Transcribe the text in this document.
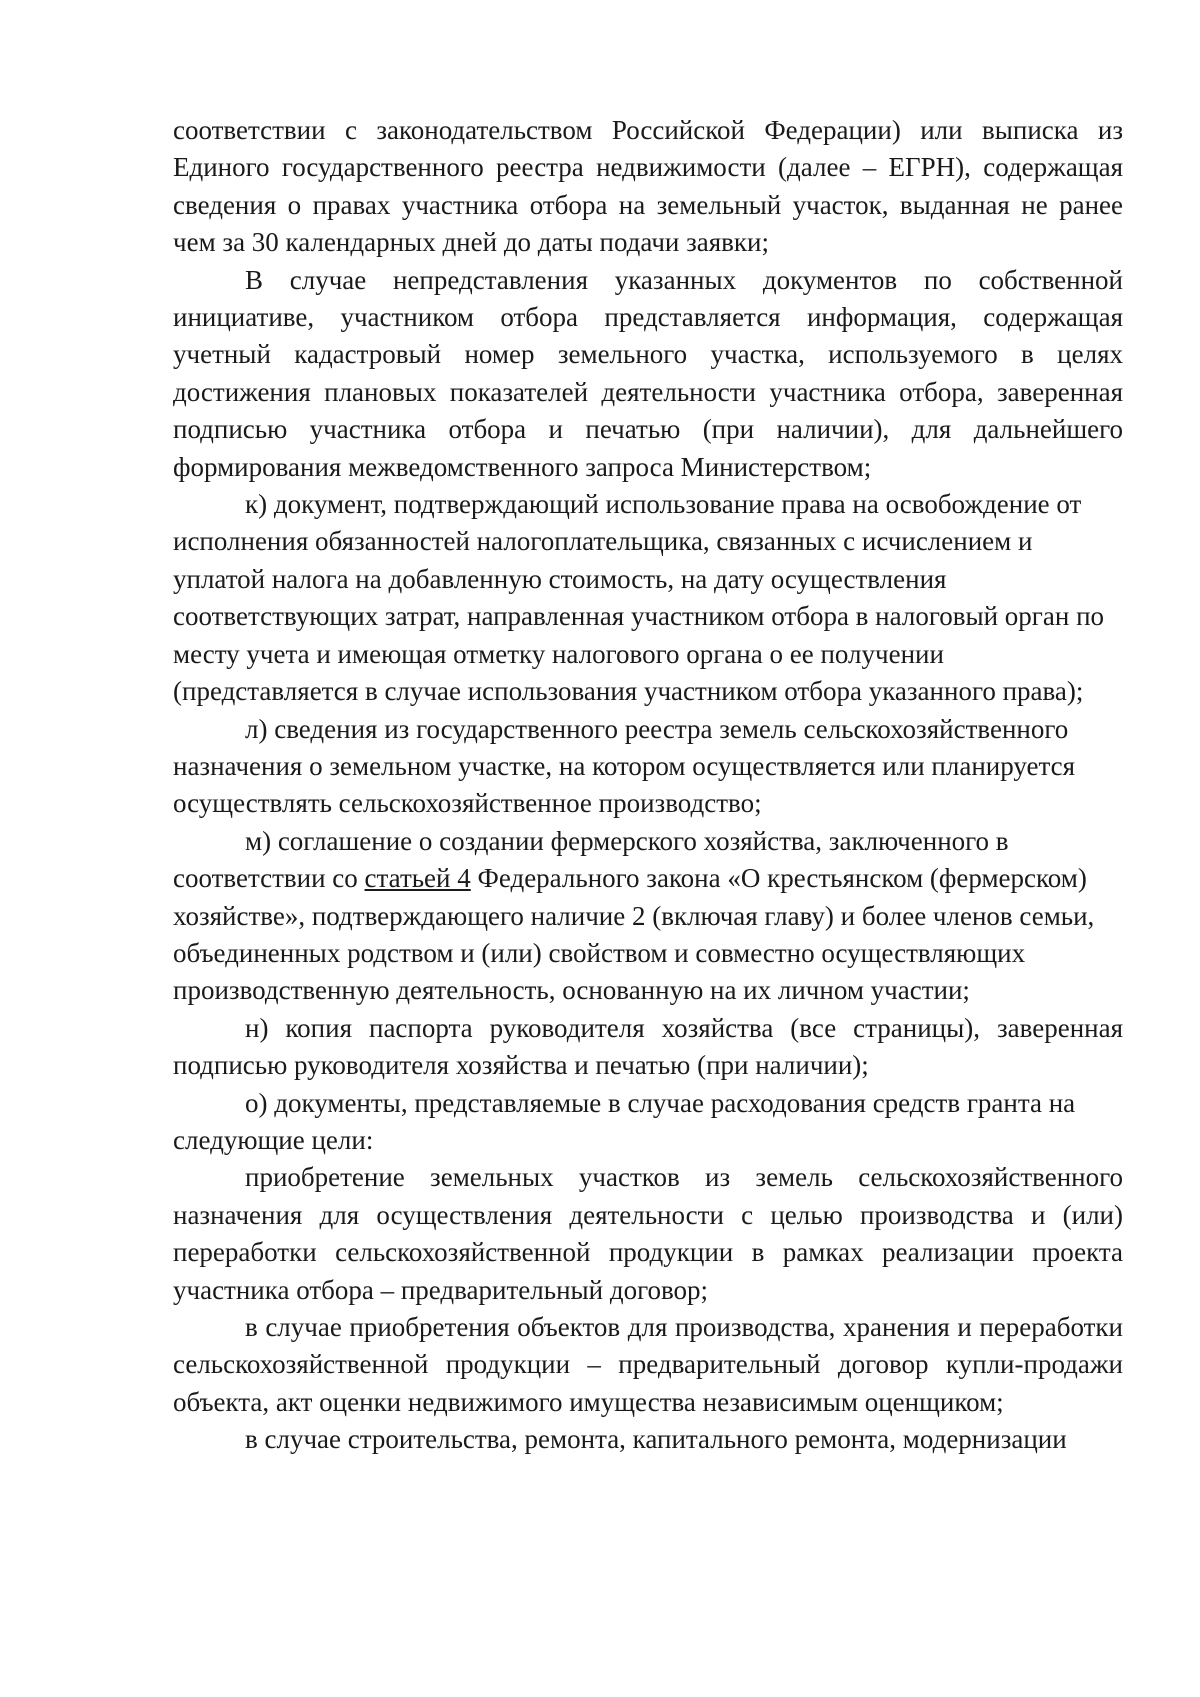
соответствии с законодательством Российской Федерации) или выписка из Единого государственного реестра недвижимости (далее – ЕГРН), содержащая сведения о правах участника отбора на земельный участок, выданная не ранее чем за 30 календарных дней до даты подачи заявки;

В случае непредставления указанных документов по собственной инициативе, участником отбора представляется информация, содержащая учетный кадастровый номер земельного участка, используемого в целях достижения плановых показателей деятельности участника отбора, заверенная подписью участника отбора и печатью (при наличии), для дальнейшего формирования межведомственного запроса Министерством;

к) документ, подтверждающий использование права на освобождение от исполнения обязанностей налогоплательщика, связанных с исчислением и уплатой налога на добавленную стоимость, на дату осуществления соответствующих затрат, направленная участником отбора в налоговый орган по месту учета и имеющая отметку налогового органа о ее получении (представляется в случае использования участником отбора указанного права);

л) сведения из государственного реестра земель сельскохозяйственного назначения о земельном участке, на котором осуществляется или планируется осуществлять сельскохозяйственное производство;

м) соглашение о создании фермерского хозяйства, заключенного в соответствии со статьей 4 Федерального закона «О крестьянском (фермерском) хозяйстве», подтверждающего наличие 2 (включая главу) и более членов семьи, объединенных родством и (или) свойством и совместно осуществляющих производственную деятельность, основанную на их личном участии;

н) копия паспорта руководителя хозяйства (все страницы), заверенная подписью руководителя хозяйства и печатью (при наличии);

о) документы, представляемые в случае расходования средств гранта на следующие цели:

приобретение земельных участков из земель сельскохозяйственного назначения для осуществления деятельности с целью производства и (или) переработки сельскохозяйственной продукции в рамках реализации проекта участника отбора – предварительный договор;

в случае приобретения объектов для производства, хранения и переработки сельскохозяйственной продукции – предварительный договор купли-продажи объекта, акт оценки недвижимого имущества независимым оценщиком;

в случае строительства, ремонта, капитального ремонта, модернизации
